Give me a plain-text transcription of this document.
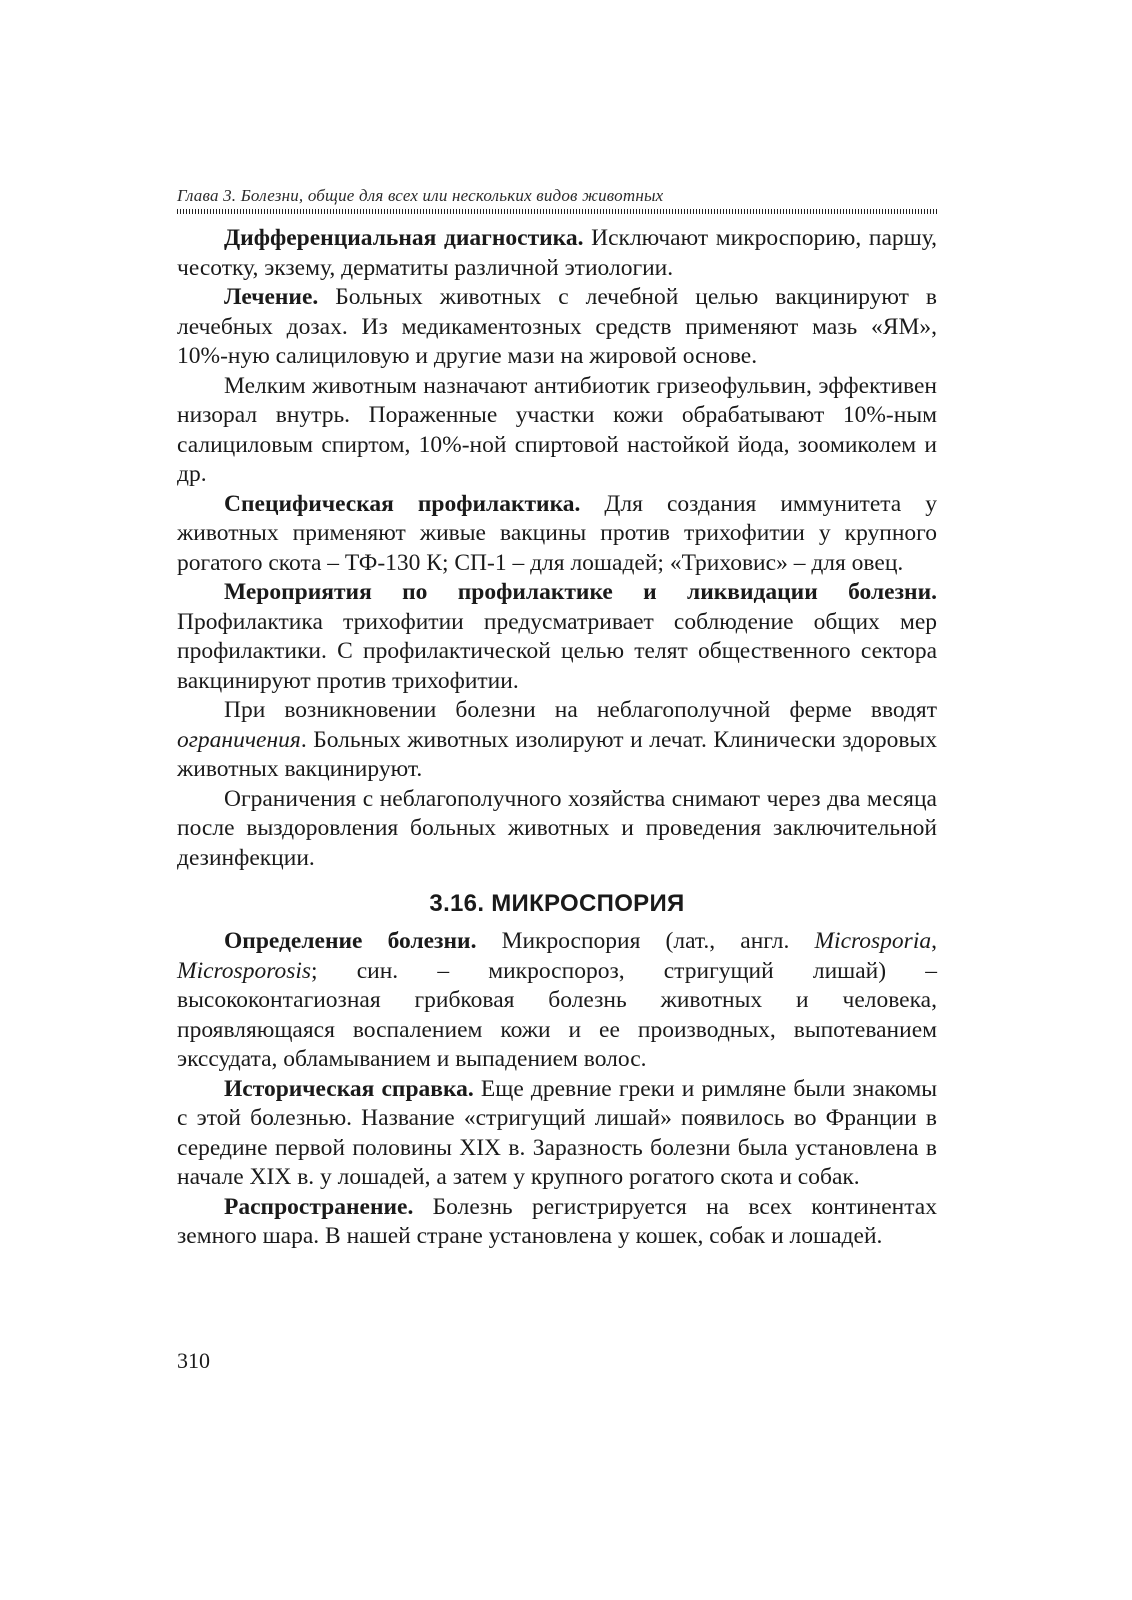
Глава 3. Болезни, общие для всех или нескольких видов животных

Дифференциальная диагностика. Исключают микроспорию, паршу, чесотку, экзему, дерматиты различной этиологии.

Лечение. Больных животных с лечебной целью вакцинируют в лечебных дозах. Из медикаментозных средств применяют мазь «ЯМ», 10%-ную салициловую и другие мази на жировой основе.

Мелким животным назначают антибиотик гризеофульвин, эффективен низорал внутрь. Пораженные участки кожи обрабатывают 10%-ным салициловым спиртом, 10%-ной спиртовой настойкой йода, зоомиколем и др.

Специфическая профилактика. Для создания иммунитета у животных применяют живые вакцины против трихофитии у крупного рогатого скота – ТФ-130 К; СП-1 – для лошадей; «Триховис» – для овец.

Мероприятия по профилактике и ликвидации болезни. Профилактика трихофитии предусматривает соблюдение общих мер профилактики. С профилактической целью телят общественного сектора вакцинируют против трихофитии.

При возникновении болезни на неблагополучной ферме вводят ограничения. Больных животных изолируют и лечат. Клинически здоровых животных вакцинируют.

Ограничения с неблагополучного хозяйства снимают через два месяца после выздоровления больных животных и проведения заключительной дезинфекции.

3.16. МИКРОСПОРИЯ

Определение болезни. Микроспория (лат., англ. Microsporia, Microsporosis; син. – микроспороз, стригущий лишай) – высококонтагиозная грибковая болезнь животных и человека, проявляющаяся воспалением кожи и ее производных, выпотеванием экссудата, обламыванием и выпадением волос.

Историческая справка. Еще древние греки и римляне были знакомы с этой болезнью. Название «стригущий лишай» появилось во Франции в середине первой половины XIX в. Заразность болезни была установлена в начале XIX в. у лошадей, а затем у крупного рогатого скота и собак.

Распространение. Болезнь регистрируется на всех континентах земного шара. В нашей стране установлена у кошек, собак и лошадей.

310
